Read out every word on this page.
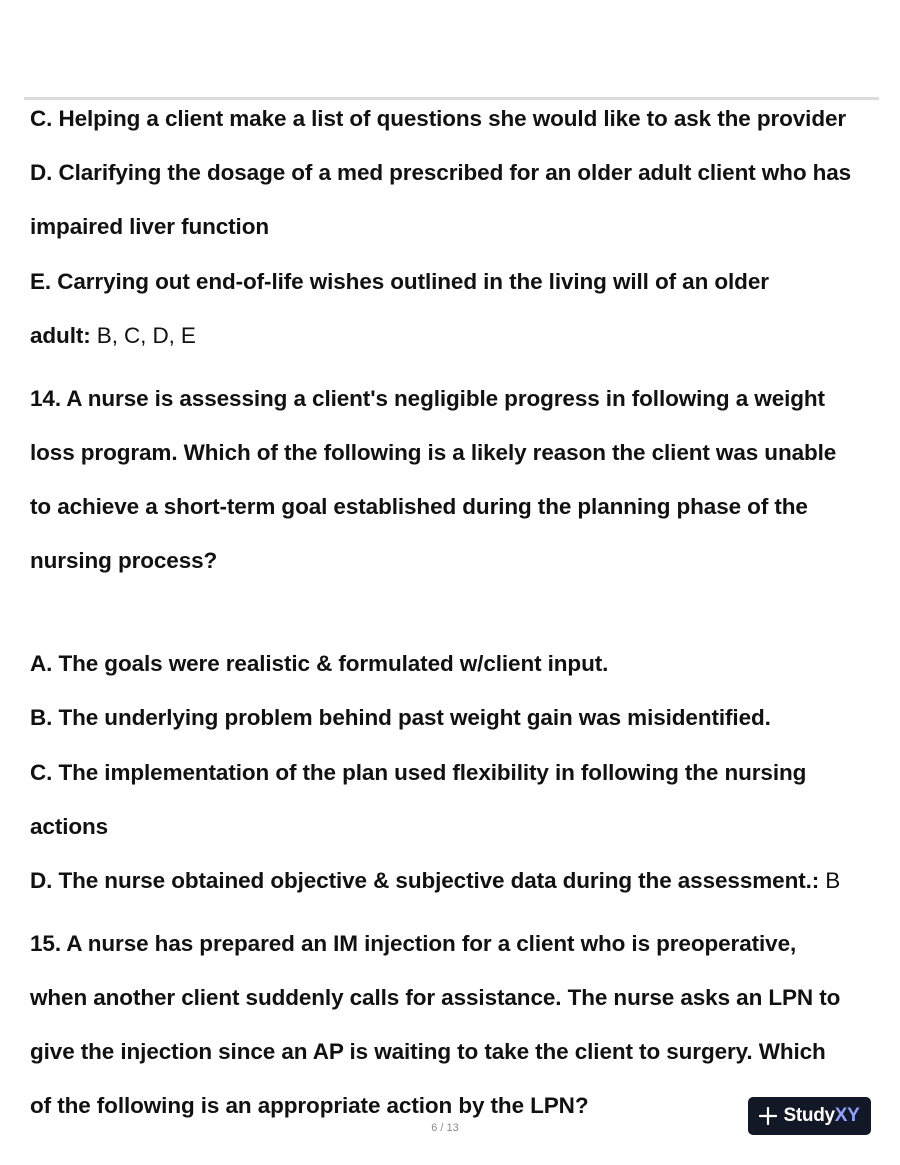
C. Helping a client make a list of questions she would like to ask the provider
D. Clarifying the dosage of a med prescribed for an older adult client who has
impaired liver function
E. Carrying out end-of-life wishes outlined in the living will of an older
adult: B, C, D, E
14. A nurse is assessing a client's negligible progress in following a weight
loss program. Which of the following is a likely reason the client was unable
to achieve a short-term goal established during the planning phase of the
nursing process?
A. The goals were realistic & formulated w/client input.
B. The underlying problem behind past weight gain was misidentified.
C. The implementation of the plan used flexibility in following the nursing
actions
D. The nurse obtained objective & subjective data during the assessment.: B
15. A nurse has prepared an IM injection for a client who is preoperative,
when another client suddenly calls for assistance. The nurse asks an LPN to
give the injection since an AP is waiting to take the client to surgery. Which
of the following is an appropriate action by the LPN?
6 / 13
StudyXY
